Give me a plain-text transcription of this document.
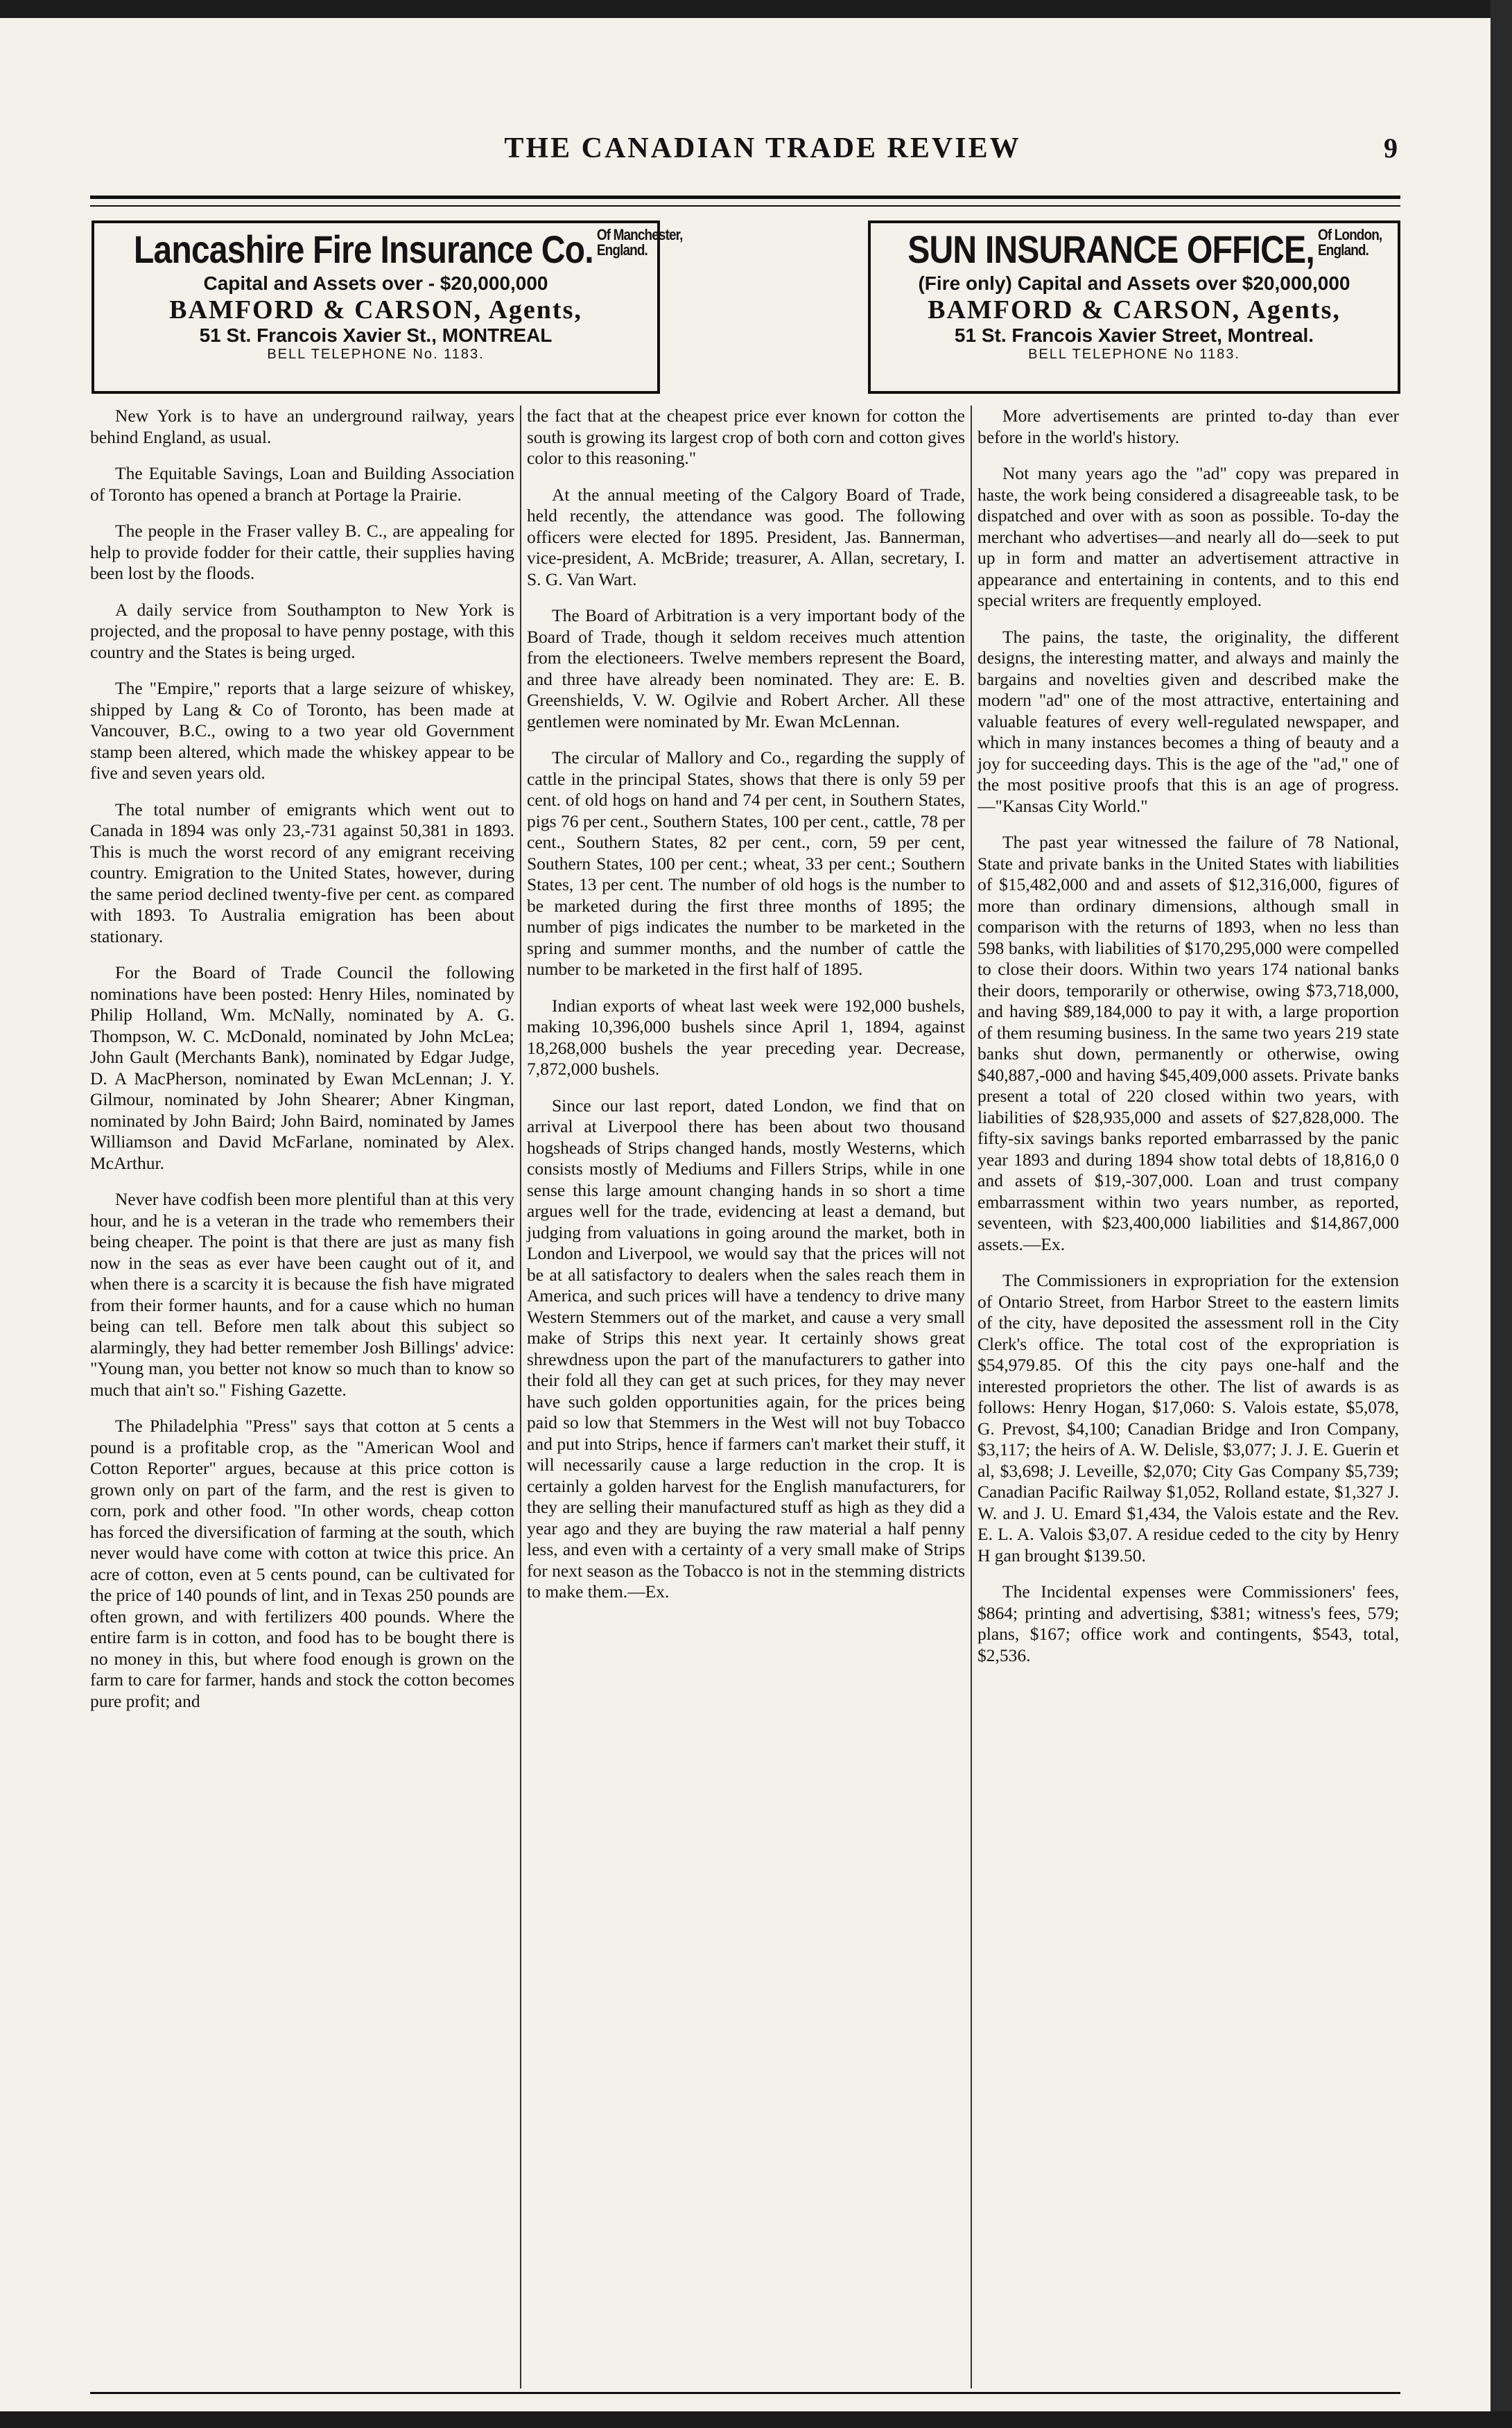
THE CANADIAN TRADE REVIEW	9
Lancashire Fire Insurance Co. Of Manchester,
England.
Capital and Assets over - $20,000,000
BAMFORD & CARSON, Agents,
51 St. Francois Xavier St., MONTREAL
BELL TELEPHONE No. 1183.
SUN INSURANCE OFFICE, Of London,
England.
(Fire only) Capital and Assets over $20,000,000
BAMFORD & CARSON, Agents,
51 St. Francois Xavier Street, Montreal.
BELL TELEPHONE No 1183.

New York is to have an underground railway, years behind England, as usual.

The Equitable Savings, Loan and Building Association of Toronto has opened a branch at Portage la Prairie.

The people in the Fraser valley B. C., are appealing for help to provide fodder for their cattle, their supplies having been lost by the floods.

A daily service from Southampton to New York is projected, and the proposal to have penny postage, with this country and the States is being urged.

The "Empire," reports that a large seizure of whiskey, shipped by Lang & Co of Toronto, has been made at Vancouver, B.C., owing to a two year old Government stamp been altered, which made the whiskey appear to be five and seven years old.

The total number of emigrants which went out to Canada in 1894 was only 23,-731 against 50,381 in 1893. This is much the worst record of any emigrant receiving country. Emigration to the United States, however, during the same period declined twenty-five per cent. as compared with 1893. To Australia emigration has been about stationary.

For the Board of Trade Council the following nominations have been posted: Henry Hiles, nominated by Philip Holland, Wm. McNally, nominated by A. G. Thompson, W. C. McDonald, nominated by John McLea; John Gault (Merchants Bank), nominated by Edgar Judge, D. A MacPherson, nominated by Ewan McLennan; J. Y. Gilmour, nominated by John Shearer; Abner Kingman, nominated by John Baird; John Baird, nominated by James Williamson and David McFarlane, nominated by Alex. McArthur.

Never have codfish been more plentiful than at this very hour, and he is a veteran in the trade who remembers their being cheaper. The point is that there are just as many fish now in the seas as ever have been caught out of it, and when there is a scarcity it is because the fish have migrated from their former haunts, and for a cause which no human being can tell. Before men talk about this subject so alarmingly, they had better remember Josh Billings' advice: "Young man, you better not know so much than to know so much that ain't so." Fishing Gazette.

The Philadelphia "Press" says that cotton at 5 cents a pound is a profitable crop, as the "American Wool and Cotton Reporter" argues, because at this price cotton is grown only on part of the farm, and the rest is given to corn, pork and other food. "In other words, cheap cotton has forced the diversification of farming at the south, which never would have come with cotton at twice this price. An acre of cotton, even at 5 cents pound, can be cultivated for the price of 140 pounds of lint, and in Texas 250 pounds are often grown, and with fertilizers 400 pounds. Where the entire farm is in cotton, and food has to be bought there is no money in this, but where food enough is grown on the farm to care for farmer, hands and stock the cotton becomes pure profit; and

the fact that at the cheapest price ever known for cotton the south is growing its largest crop of both corn and cotton gives color to this reasoning."

At the annual meeting of the Calgory Board of Trade, held recently, the attendance was good. The following officers were elected for 1895. President, Jas. Bannerman, vice-president, A. McBride; treasurer, A. Allan, secretary, I. S. G. Van Wart.

The Board of Arbitration is a very important body of the Board of Trade, though it seldom receives much attention from the electioneers. Twelve members represent the Board, and three have already been nominated. They are: E. B. Greenshields, V. W. Ogilvie and Robert Archer. All these gentlemen were nominated by Mr. Ewan McLennan.

The circular of Mallory and Co., regarding the supply of cattle in the principal States, shows that there is only 59 per cent. of old hogs on hand and 74 per cent, in Southern States, pigs 76 per cent., Southern States, 100 per cent., cattle, 78 per cent., Southern States, 82 per cent., corn, 59 per cent, Southern States, 100 per cent.; wheat, 33 per cent.; Southern States, 13 per cent. The number of old hogs is the number to be marketed during the first three months of 1895; the number of pigs indicates the number to be marketed in the spring and summer months, and the number of cattle the number to be marketed in the first half of 1895.

Indian exports of wheat last week were 192,000 bushels, making 10,396,000 bushels since April 1, 1894, against 18,268,000 bushels the year preceding year. Decrease, 7,872,000 bushels.

Since our last report, dated London, we find that on arrival at Liverpool there has been about two thousand hogsheads of Strips changed hands, mostly Westerns, which consists mostly of Mediums and Fillers Strips, while in one sense this large amount changing hands in so short a time argues well for the trade, evidencing at least a demand, but judging from valuations in going around the market, both in London and Liverpool, we would say that the prices will not be at all satisfactory to dealers when the sales reach them in America, and such prices will have a tendency to drive many Western Stemmers out of the market, and cause a very small make of Strips this next year. It certainly shows great shrewdness upon the part of the manufacturers to gather into their fold all they can get at such prices, for they may never have such golden opportunities again, for the prices being paid so low that Stemmers in the West will not buy Tobacco and put into Strips, hence if farmers can't market their stuff, it will necessarily cause a large reduction in the crop. It is certainly a golden harvest for the English manufacturers, for they are selling their manufactured stuff as high as they did a year ago and they are buying the raw material a half penny less, and even with a certainty of a very small make of Strips for next season as the Tobacco is not in the stemming districts to make them.—Ex.

More advertisements are printed to-day than ever before in the world's history.

Not many years ago the "ad" copy was prepared in haste, the work being considered a disagreeable task, to be dispatched and over with as soon as possible. To-day the merchant who advertises—and nearly all do—seek to put up in form and matter an advertisement attractive in appearance and entertaining in contents, and to this end special writers are frequently employed.

The pains, the taste, the originality, the different designs, the interesting matter, and always and mainly the bargains and novelties given and described make the modern "ad" one of the most attractive, entertaining and valuable features of every well-regulated newspaper, and which in many instances becomes a thing of beauty and a joy for succeeding days. This is the age of the "ad," one of the most positive proofs that this is an age of progress.—"Kansas City World."

The past year witnessed the failure of 78 National, State and private banks in the United States with liabilities of $15,482,000 and and assets of $12,316,000, figures of more than ordinary dimensions, although small in comparison with the returns of 1893, when no less than 598 banks, with liabilities of $170,295,000 were compelled to close their doors. Within two years 174 national banks their doors, temporarily or otherwise, owing $73,718,000, and having $89,184,000 to pay it with, a large proportion of them resuming business. In the same two years 219 state banks shut down, permanently or otherwise, owing $40,887,-000 and having $45,409,000 assets. Private banks present a total of 220 closed within two years, with liabilities of $28,935,000 and assets of $27,828,000. The fifty-six savings banks reported embarrassed by the panic year 1893 and during 1894 show total debts of 18,816,0 0 and assets of $19,-307,000. Loan and trust company embarrassment within two years number, as reported, seventeen, with $23,400,000 liabilities and $14,867,000 assets.—Ex.

The Commissioners in expropriation for the extension of Ontario Street, from Harbor Street to the eastern limits of the city, have deposited the assessment roll in the City Clerk's office. The total cost of the expropriation is $54,979.85. Of this the city pays one-half and the interested proprietors the other. The list of awards is as follows: Henry Hogan, $17,060: S. Valois estate, $5,078, G. Prevost, $4,100; Canadian Bridge and Iron Company, $3,117; the heirs of A. W. Delisle, $3,077; J. J. E. Guerin et al, $3,698; J. Leveille, $2,070; City Gas Company $5,739; Canadian Pacific Railway $1,052, Rolland estate, $1,327 J. W. and J. U. Emard $1,434, the Valois estate and the Rev. E. L. A. Valois $3,07. A residue ceded to the city by Henry H gan brought $139.50.

The Incidental expenses were Commissioners' fees, $864; printing and advertising, $381; witness's fees, 579; plans, $167; office work and contingents, $543, total, $2,536.
